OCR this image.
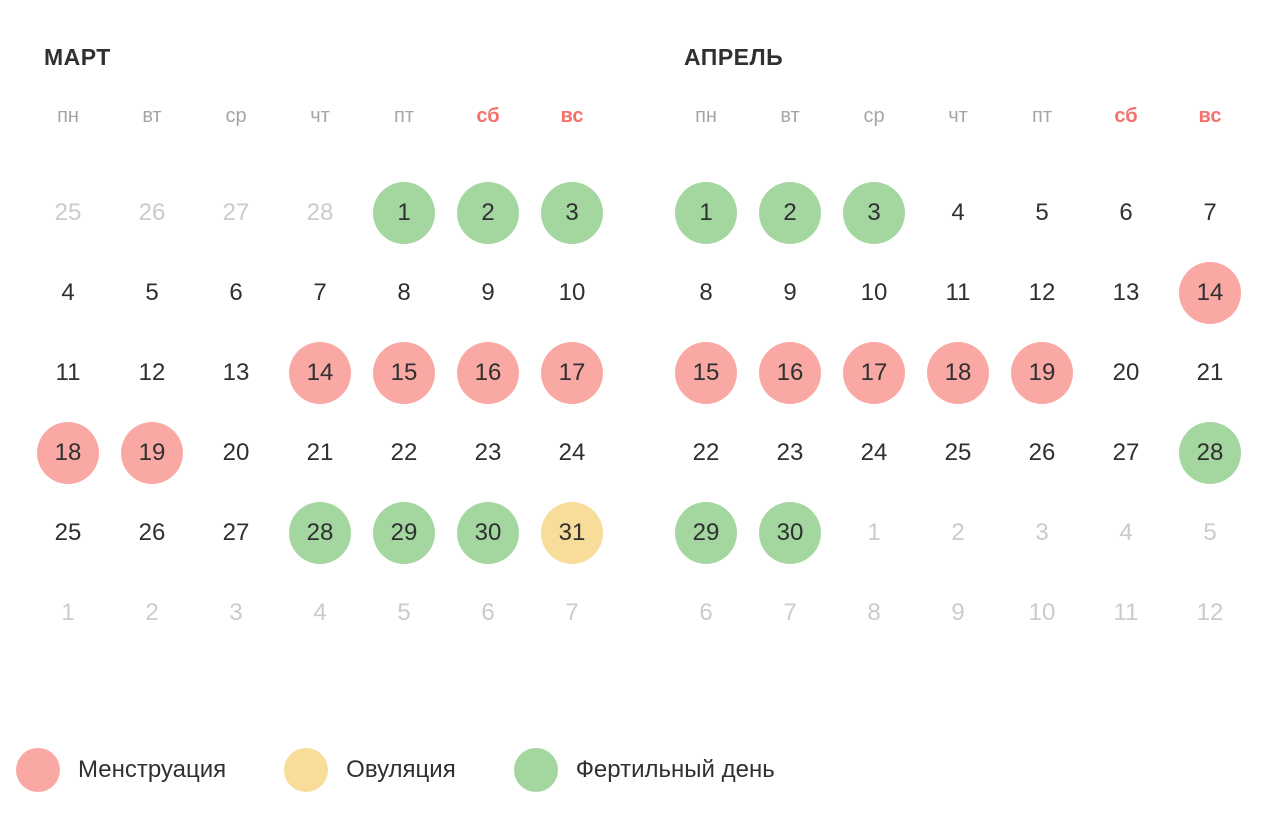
МАРТ
пн	вт	ср	чт	пт	сб	вс
25	26	27	28	1	2	3
4	5	6	7	8	9	10
11	12	13	14	15	16	17
18	19	20	21	22	23	24
25	26	27	28	29	30	31
1	2	3	4	5	6	7
АПРЕЛЬ
пн	вт	ср	чт	пт	сб	вс
1	2	3	4	5	6	7
8	9	10	11	12	13	14
15	16	17	18	19	20	21
22	23	24	25	26	27	28
29	30	1	2	3	4	5
6	7	8	9	10	11	12
Менструация	Овуляция	Фертильный день
